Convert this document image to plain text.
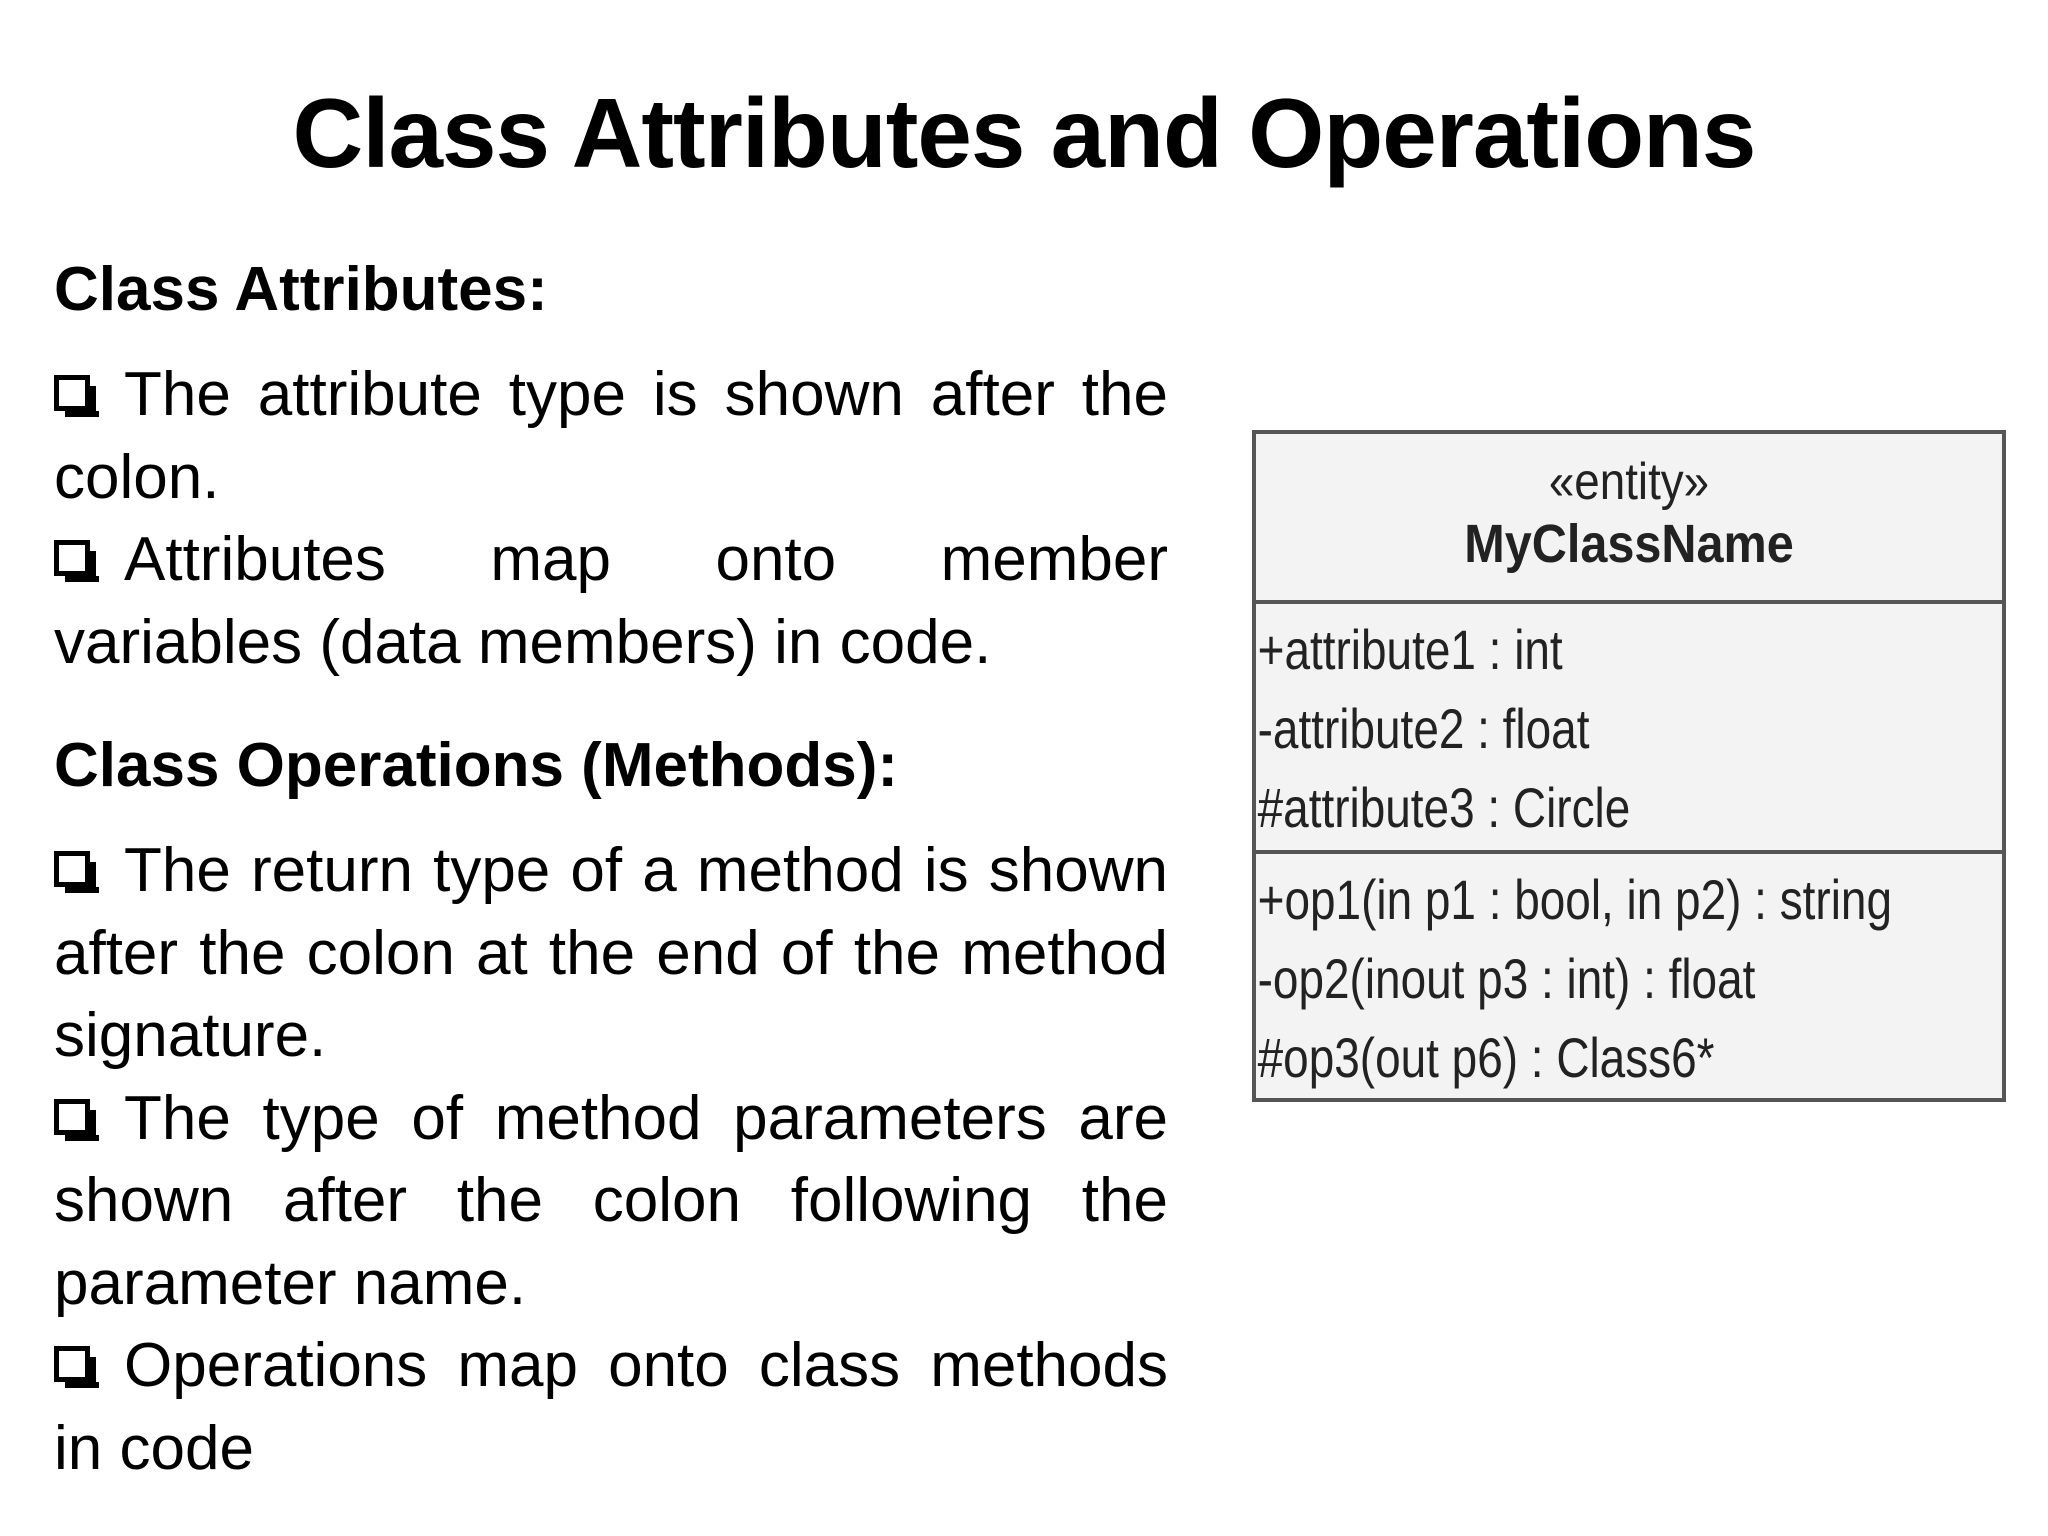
Class Attributes and Operations
Class Attributes:
The attribute type is shown after the colon.
Attributes map onto member variables (data members) in code.
Class Operations (Methods):
The return type of a method is shown after the colon at the end of the method signature.
The type of method parameters are shown after the colon following the parameter name.
Operations map onto class methods in code
«entity»
MyClassName
+attribute1 : int
-attribute2 : float
#attribute3 : Circle
+op1(in p1 : bool, in p2) : string
-op2(inout p3 : int) : float
#op3(out p6) : Class6*
